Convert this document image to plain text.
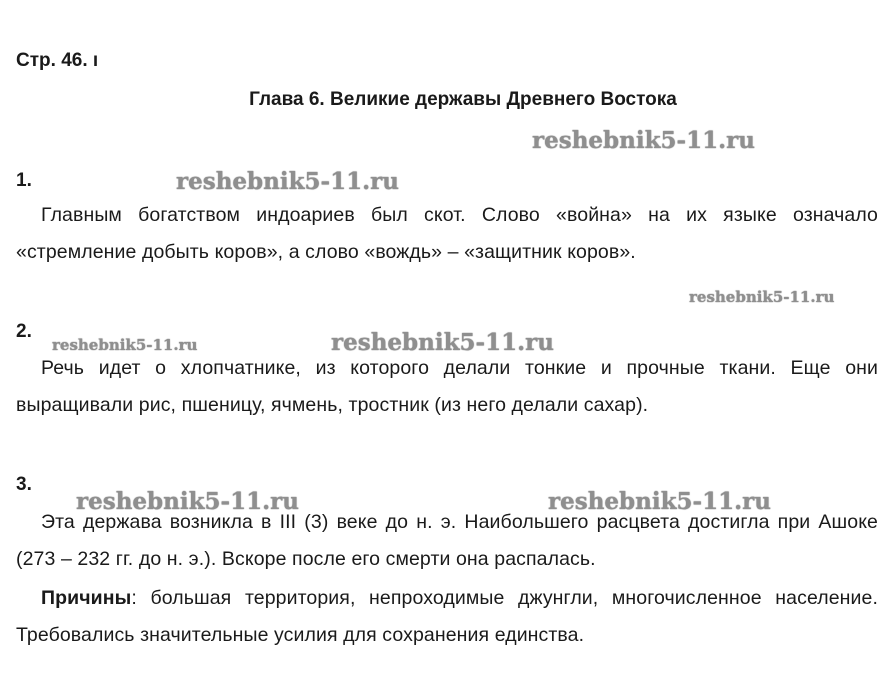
Стр. 46. ı
Глава 6. Великие державы Древнего Востока
reshebnik5-11.ru
reshebnik5-11.ru
reshebnik5-11.ru
reshebnik5-11.ru	reshebnik5-11.ru
reshebnik5-11.ru	reshebnik5-11.ru
1.
Главным богатством индоариев был скот. Слово «война» на их языке означало «стремление добыть коров», а слово «вождь» – «защитник коров».
2.
Речь идет о хлопчатнике, из которого делали тонкие и прочные ткани. Еще они выращивали рис, пшеницу, ячмень, тростник (из него делали сахар).
3.
Эта держава возникла в III (3) веке до н. э. Наибольшего расцвета достигла при Ашоке (273 – 232 гг. до н. э.). Вскоре после его смерти она распалась.
Причины: большая территория, непроходимые джунгли, многочисленное население. Требовались значительные усилия для сохранения единства.
